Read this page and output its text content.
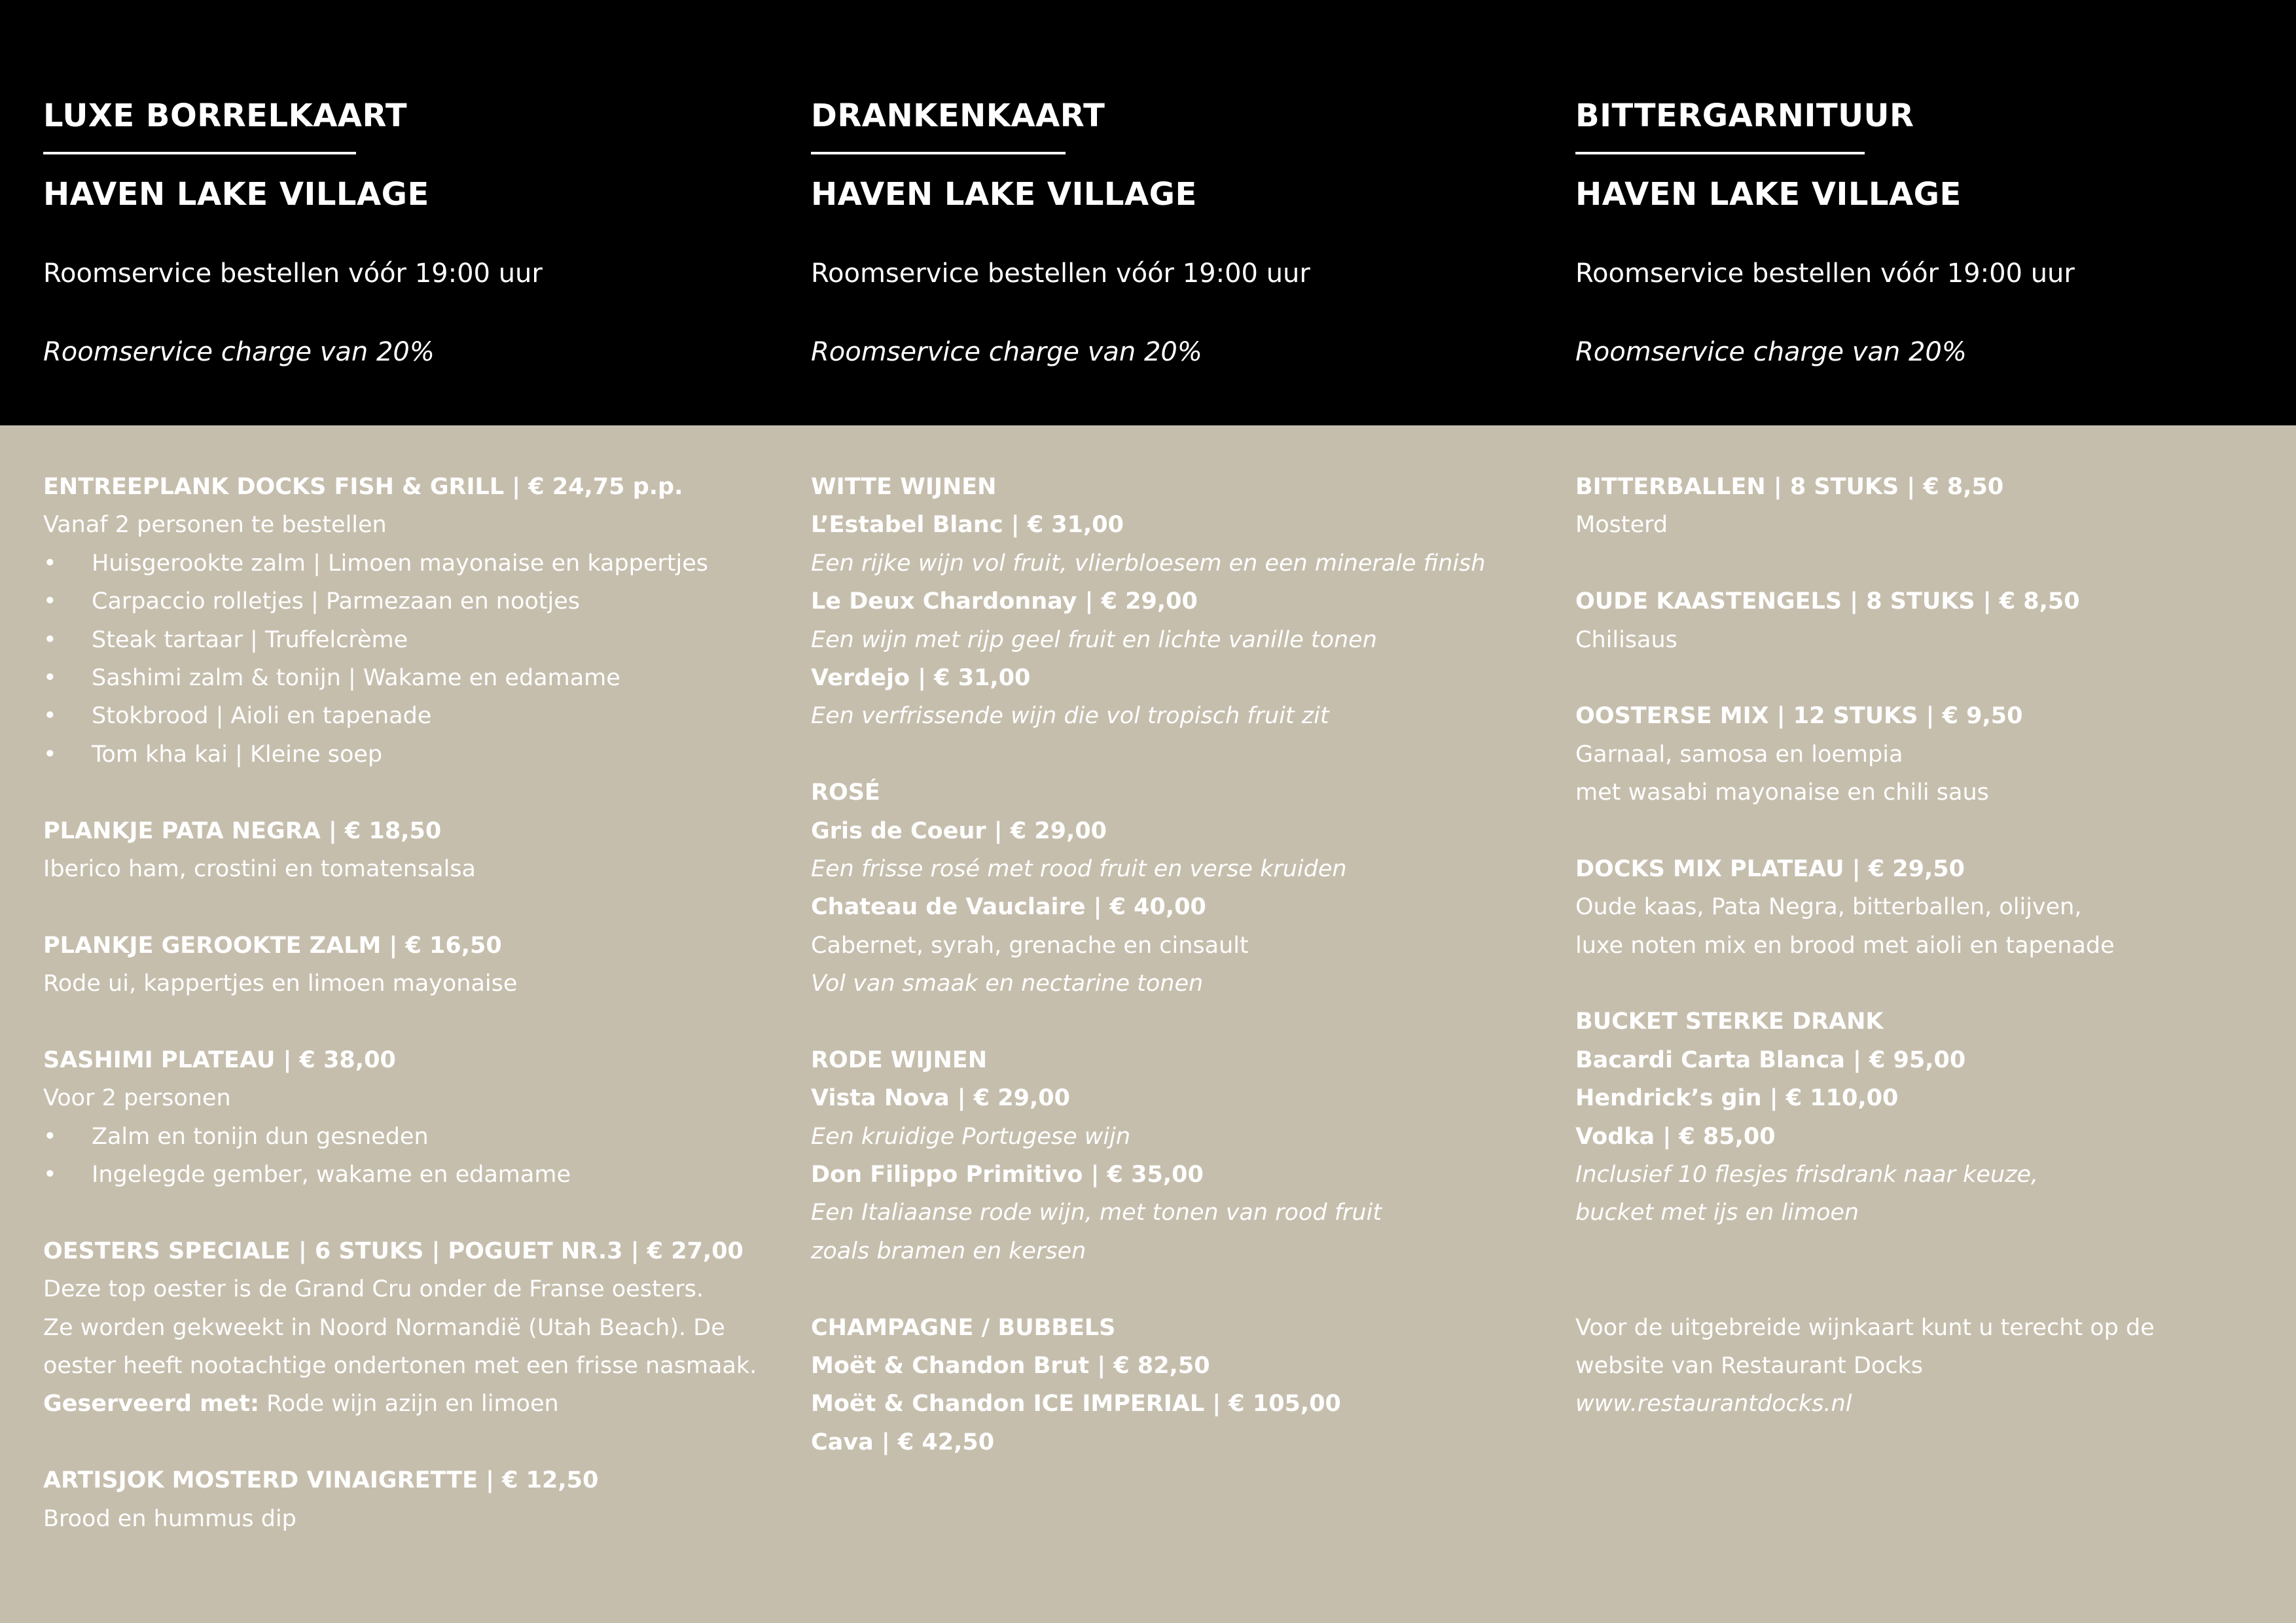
LUXE BORRELKAART
HAVEN LAKE VILLAGE
Roomservice bestellen vóór 19:00 uur
Roomservice charge van 20%
DRANKENKAART
HAVEN LAKE VILLAGE
Roomservice bestellen vóór 19:00 uur
Roomservice charge van 20%
BITTERGARNITUUR
HAVEN LAKE VILLAGE
Roomservice bestellen vóór 19:00 uur
Roomservice charge van 20%
ENTREEPLANK DOCKS FISH & GRILL | € 24,75 p.p.
Vanaf 2 personen te bestellen
• Huisgerookte zalm | Limoen mayonaise en kappertjes
• Carpaccio rolletjes | Parmezaan en nootjes
• Steak tartaar | Truffelcrème
• Sashimi zalm & tonijn | Wakame en edamame
• Stokbrood | Aioli en tapenade
• Tom kha kai | Kleine soep
PLANKJE PATA NEGRA | € 18,50
Iberico ham, crostini en tomatensalsa
PLANKJE GEROOKTE ZALM | € 16,50
Rode ui, kappertjes en limoen mayonaise
SASHIMI PLATEAU | € 38,00
Voor 2 personen
• Zalm en tonijn dun gesneden
• Ingelegde gember, wakame en edamame
OESTERS SPECIALE | 6 STUKS | POGUET NR.3 | € 27,00
Deze top oester is de Grand Cru onder de Franse oesters.
Ze worden gekweekt in Noord Normandië (Utah Beach). De
oester heeft nootachtige ondertonen met een frisse nasmaak.
Geserveerd met: Rode wijn azijn en limoen
ARTISJOK MOSTERD VINAIGRETTE | € 12,50
Brood en hummus dip
WITTE WIJNEN
L’Estabel Blanc | € 31,00
Een rijke wijn vol fruit, vlierbloesem en een minerale finish
Le Deux Chardonnay | € 29,00
Een wijn met rijp geel fruit en lichte vanille tonen
Verdejo | € 31,00
Een verfrissende wijn die vol tropisch fruit zit
ROSÉ
Gris de Coeur | € 29,00
Een frisse rosé met rood fruit en verse kruiden
Chateau de Vauclaire | € 40,00
Cabernet, syrah, grenache en cinsault
Vol van smaak en nectarine tonen
RODE WIJNEN
Vista Nova | € 29,00
Een kruidige Portugese wijn
Don Filippo Primitivo | € 35,00
Een Italiaanse rode wijn, met tonen van rood fruit
zoals bramen en kersen
CHAMPAGNE / BUBBELS
Moët & Chandon Brut | € 82,50
Moët & Chandon ICE IMPERIAL | € 105,00
Cava | € 42,50
BITTERBALLEN | 8 STUKS | € 8,50
Mosterd
OUDE KAASTENGELS | 8 STUKS | € 8,50
Chilisaus
OOSTERSE MIX | 12 STUKS | € 9,50
Garnaal, samosa en loempia
met wasabi mayonaise en chili saus
DOCKS MIX PLATEAU | € 29,50
Oude kaas, Pata Negra, bitterballen, olijven,
luxe noten mix en brood met aioli en tapenade
BUCKET STERKE DRANK
Bacardi Carta Blanca | € 95,00
Hendrick’s gin | € 110,00
Vodka | € 85,00
Inclusief 10 flesjes frisdrank naar keuze,
bucket met ijs en limoen
Voor de uitgebreide wijnkaart kunt u terecht op de
website van Restaurant Docks
www.restaurantdocks.nl
